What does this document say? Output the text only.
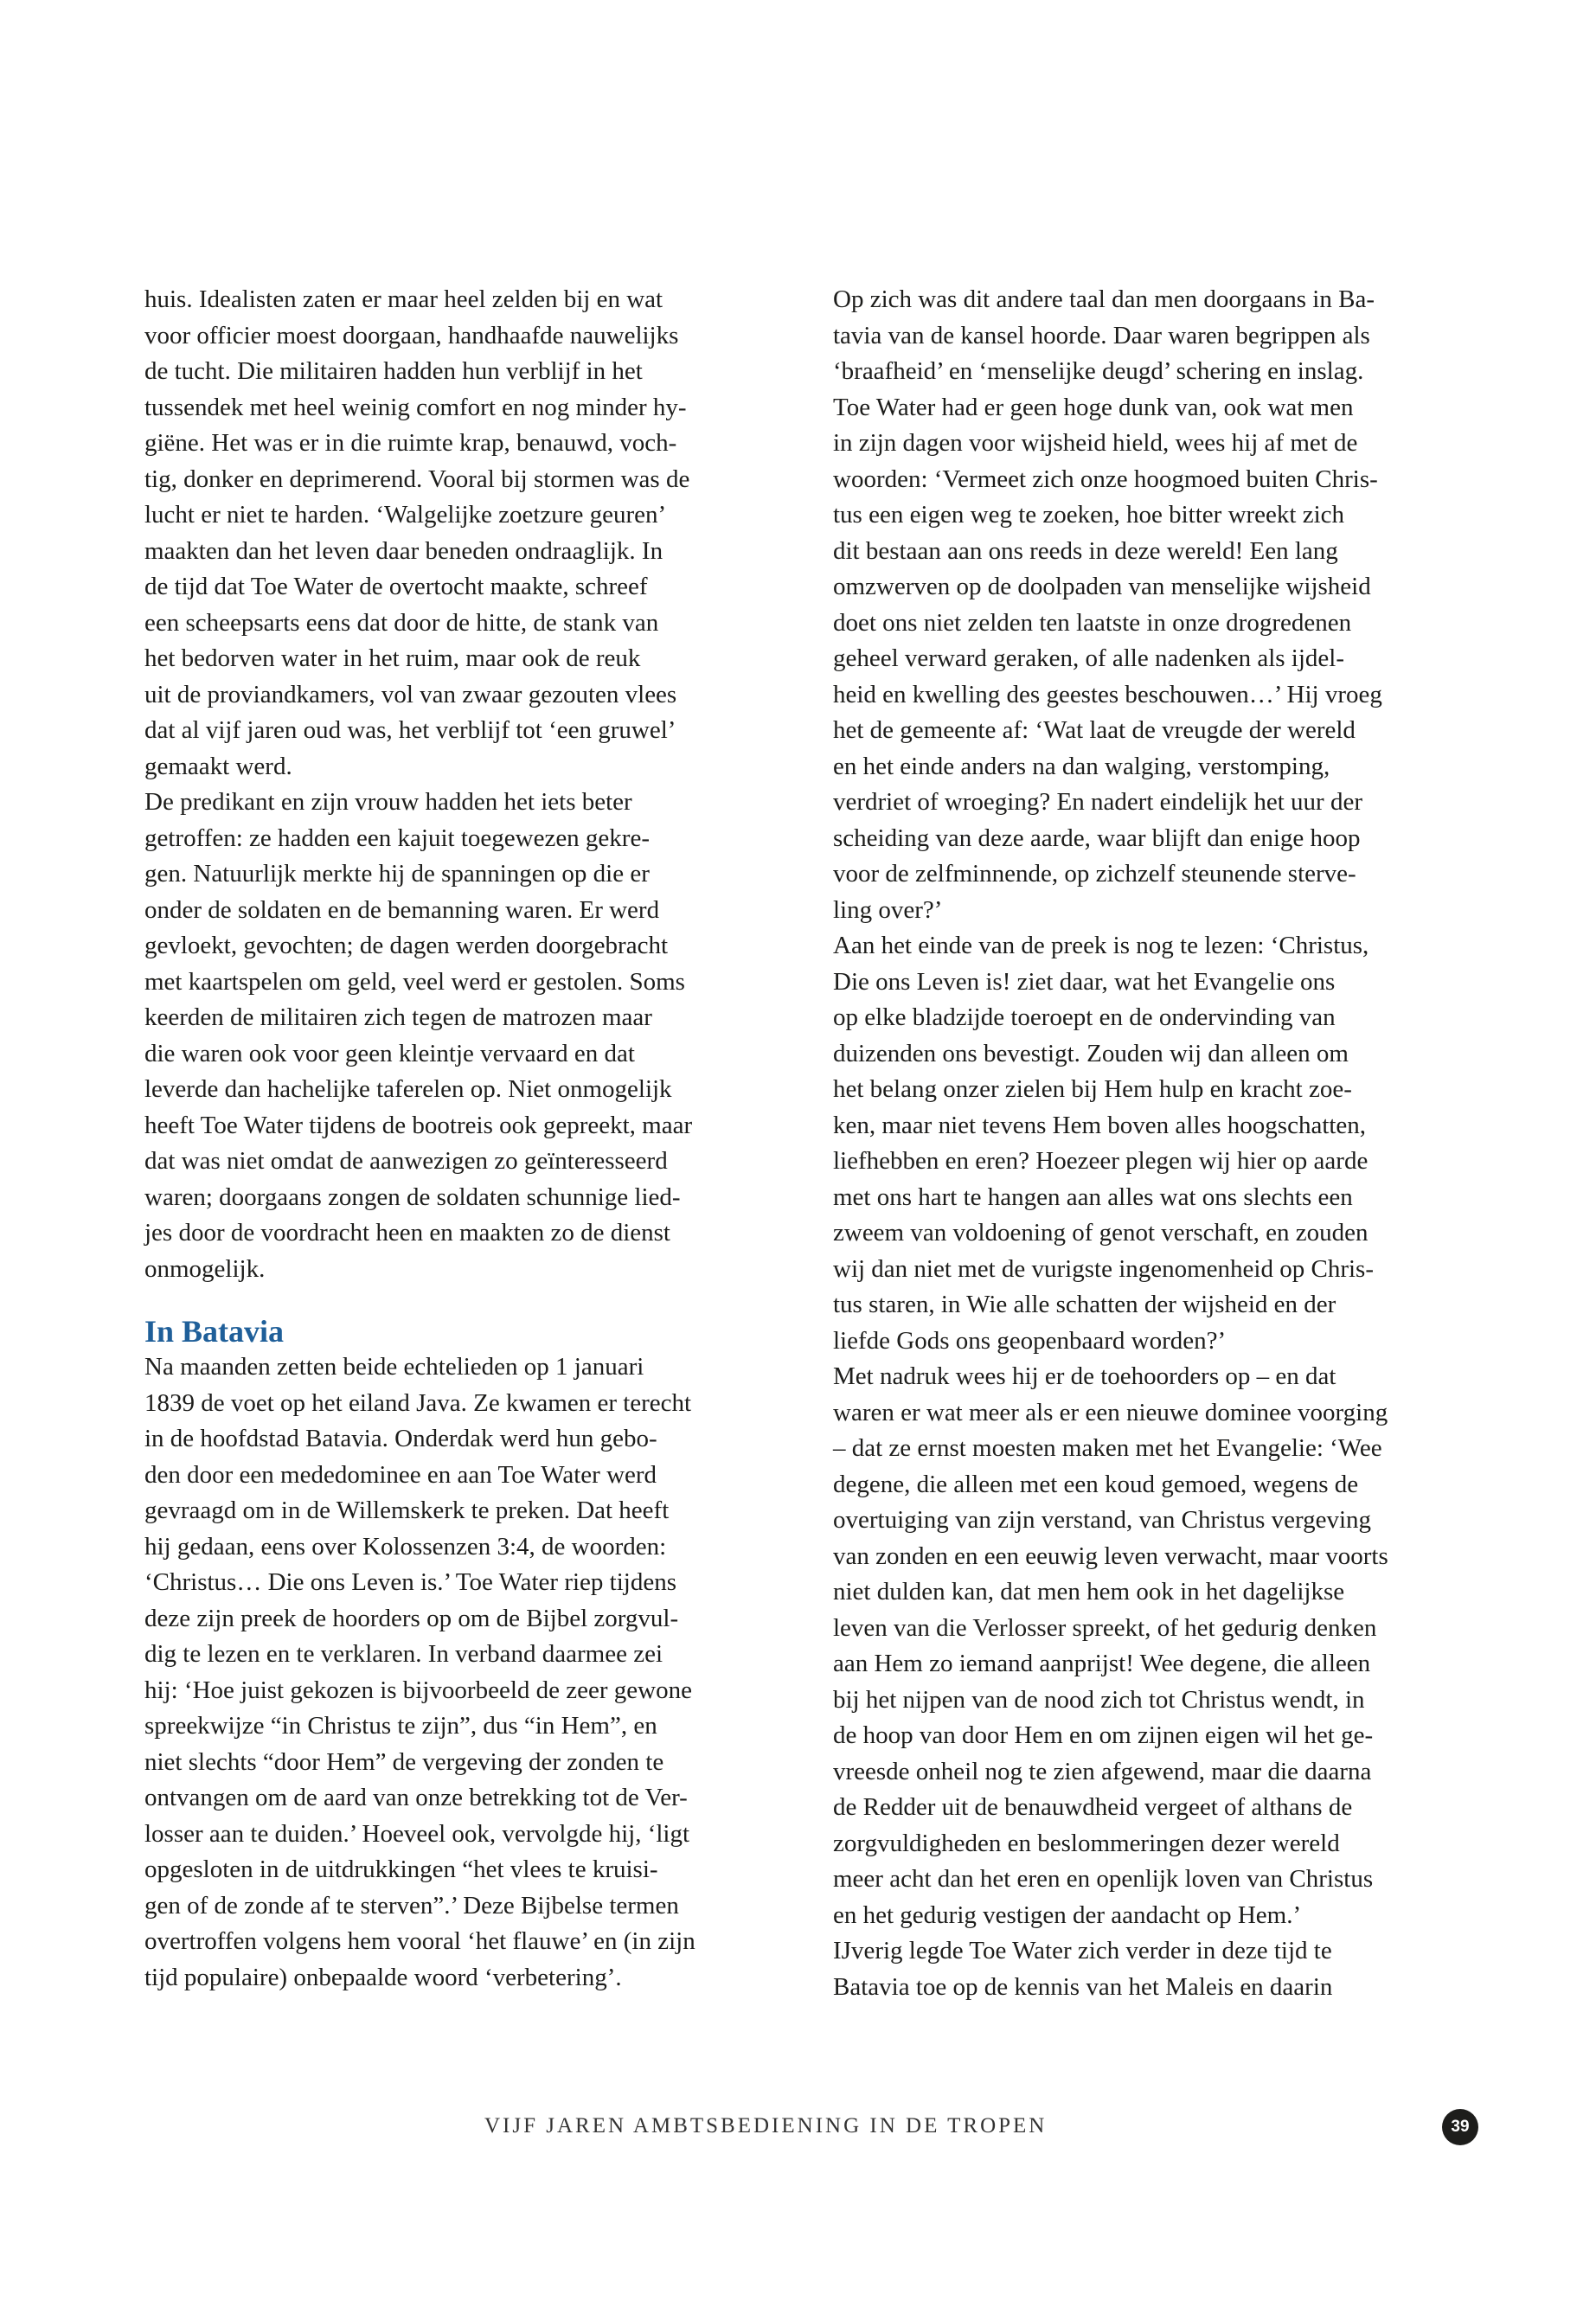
huis. Idealisten zaten er maar heel zelden bij en wat

voor officier moest doorgaan, handhaafde nauwelijks

de tucht. Die militairen hadden hun verblijf in het

tussendek met heel weinig comfort en nog minder hy-

giëne. Het was er in die ruimte krap, benauwd, voch-

tig, donker en deprimerend. Vooral bij stormen was de

lucht er niet te harden. ‘Walgelijke zoetzure geuren’

maakten dan het leven daar beneden ondraaglijk. In

de tijd dat Toe Water de overtocht maakte, schreef

een scheepsarts eens dat door de hitte, de stank van

het bedorven water in het ruim, maar ook de reuk

uit de proviandkamers, vol van zwaar gezouten vlees

dat al vijf jaren oud was, het verblijf tot ‘een gruwel’

gemaakt werd.

De predikant en zijn vrouw hadden het iets beter

getroffen: ze hadden een kajuit toegewezen gekre-

gen. Natuurlijk merkte hij de spanningen op die er

onder de soldaten en de bemanning waren. Er werd

gevloekt, gevochten; de dagen werden doorgebracht

met kaartspelen om geld, veel werd er gestolen. Soms

keerden de militairen zich tegen de matrozen maar

die waren ook voor geen kleintje vervaard en dat

leverde dan hachelijke taferelen op. Niet onmogelijk

heeft Toe Water tijdens de bootreis ook gepreekt, maar

dat was niet omdat de aanwezigen zo geïnteresseerd

waren; doorgaans zongen de soldaten schunnige lied-

jes door de voordracht heen en maakten zo de dienst

onmogelijk.

In Batavia

Na maanden zetten beide echtelieden op 1 januari

1839 de voet op het eiland Java. Ze kwamen er terecht

in de hoofdstad Batavia. Onderdak werd hun gebo-

den door een mededominee en aan Toe Water werd

gevraagd om in de Willemskerk te preken. Dat heeft

hij gedaan, eens over Kolossenzen 3:4, de woorden:

‘Christus… Die ons Leven is.’ Toe Water riep tijdens

deze zijn preek de hoorders op om de Bijbel zorgvul-

dig te lezen en te verklaren. In verband daarmee zei

hij: ‘Hoe juist gekozen is bijvoorbeeld de zeer gewone

spreekwijze “in Christus te zijn”, dus “in Hem”, en

niet slechts “door Hem” de vergeving der zonden te

ontvangen om de aard van onze betrekking tot de Ver-

losser aan te duiden.’ Hoeveel ook, vervolgde hij, ‘ligt

opgesloten in de uitdrukkingen “het vlees te kruisi-

gen of de zonde af te sterven”.’ Deze Bijbelse termen

overtroffen volgens hem vooral ‘het flauwe’ en (in zijn

tijd populaire) onbepaalde woord ‘verbetering’.

Op zich was dit andere taal dan men doorgaans in Ba-

tavia van de kansel hoorde. Daar waren begrippen als

‘braafheid’ en ‘menselijke deugd’ schering en inslag.

Toe Water had er geen hoge dunk van, ook wat men

in zijn dagen voor wijsheid hield, wees hij af met de

woorden: ‘Vermeet zich onze hoogmoed buiten Chris-

tus een eigen weg te zoeken, hoe bitter wreekt zich

dit bestaan aan ons reeds in deze wereld! Een lang

omzwerven op de doolpaden van menselijke wijsheid

doet ons niet zelden ten laatste in onze drogredenen

geheel verward geraken, of alle nadenken als ijdel-

heid en kwelling des geestes beschouwen…’ Hij vroeg

het de gemeente af: ‘Wat laat de vreugde der wereld

en het einde anders na dan walging, verstomping,

verdriet of wroeging? En nadert eindelijk het uur der

scheiding van deze aarde, waar blijft dan enige hoop

voor de zelfminnende, op zichzelf steunende sterve-

ling over?’

Aan het einde van de preek is nog te lezen: ‘Christus,

Die ons Leven is! ziet daar, wat het Evangelie ons

op elke bladzijde toeroept en de ondervinding van

duizenden ons bevestigt. Zouden wij dan alleen om

het belang onzer zielen bij Hem hulp en kracht zoe-

ken, maar niet tevens Hem boven alles hoogschatten,

liefhebben en eren? Hoezeer plegen wij hier op aarde

met ons hart te hangen aan alles wat ons slechts een

zweem van voldoening of genot verschaft, en zouden

wij dan niet met de vurigste ingenomenheid op Chris-

tus staren, in Wie alle schatten der wijsheid en der

liefde Gods ons geopenbaard worden?’

Met nadruk wees hij er de toehoorders op – en dat

waren er wat meer als er een nieuwe dominee voorging

– dat ze ernst moesten maken met het Evangelie: ‘Wee

degene, die alleen met een koud gemoed, wegens de

overtuiging van zijn verstand, van Christus vergeving

van zonden en een eeuwig leven verwacht, maar voorts

niet dulden kan, dat men hem ook in het dagelijkse

leven van die Verlosser spreekt, of het gedurig denken

aan Hem zo iemand aanprijst! Wee degene, die alleen

bij het nijpen van de nood zich tot Christus wendt, in

de hoop van door Hem en om zijnen eigen wil het ge-

vreesde onheil nog te zien afgewend, maar die daarna

de Redder uit de benauwdheid vergeet of althans de

zorgvuldigheden en beslommeringen dezer wereld

meer acht dan het eren en openlijk loven van Christus

en het gedurig vestigen der aandacht op Hem.’

IJverig legde Toe Water zich verder in deze tijd te

Batavia toe op de kennis van het Maleis en daarin

VIJF JAREN AMBTSBEDIENING IN DE TROPEN	39
